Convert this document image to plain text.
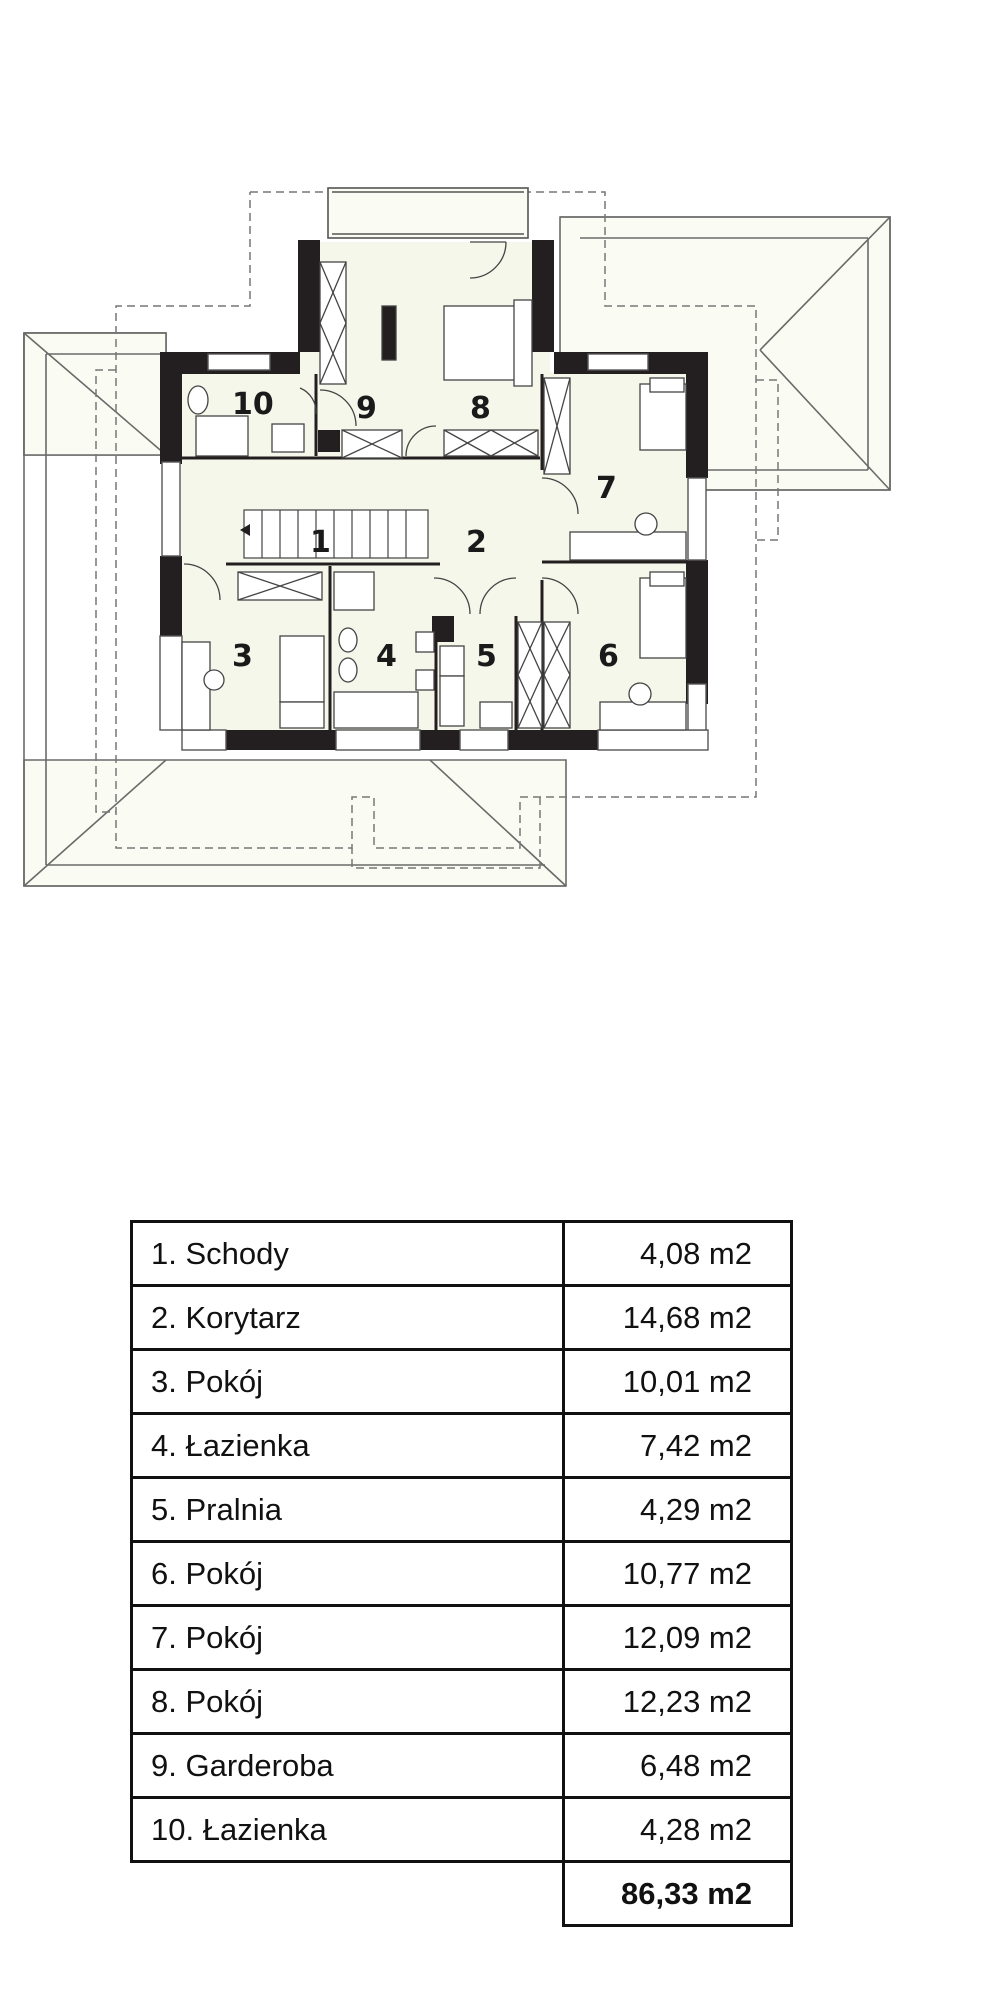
10	9	8
7
1	2
3	4	5	6
1. Schody	4,08 m2
2. Korytarz	14,68 m2
3. Pokój	10,01 m2
4. Łazienka	7,42 m2
5. Pralnia	4,29 m2
6. Pokój	10,77 m2
7. Pokój	12,09 m2
8. Pokój	12,23 m2
9. Garderoba	6,48 m2
10. Łazienka	4,28 m2
	86,33 m2
